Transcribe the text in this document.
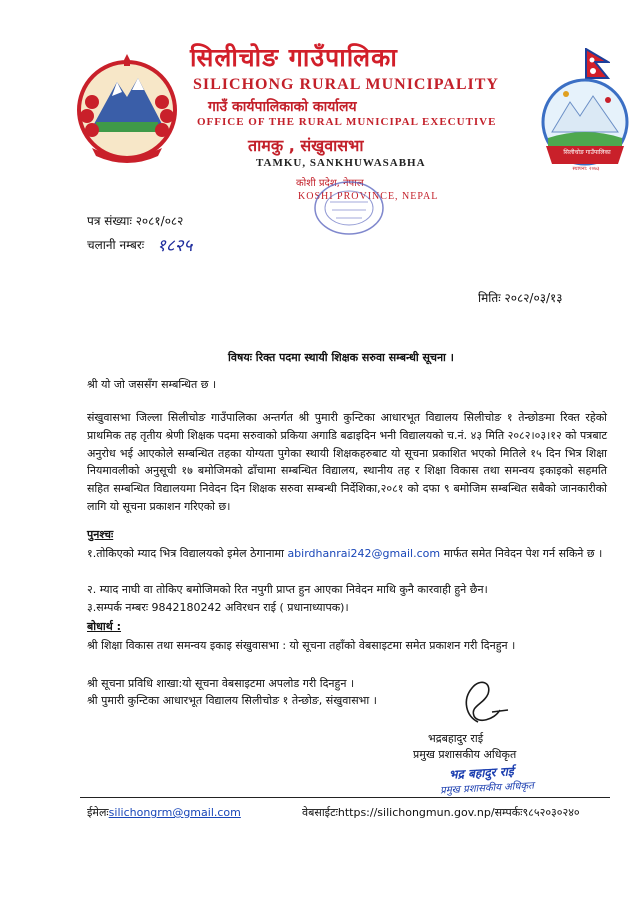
सिलीचोङ गाउँपालिका
स्थापना: २०७३
सिलीचोङ गाउँपालिका
SILICHONG RURAL MUNICIPALITY
गाउँ कार्यपालिकाको कार्यालय
OFFICE OF THE RURAL MUNICIPAL EXECUTIVE
तामकु , संखुवासभा
TAMKU, SANKHUWASABHA
कोशी प्रदेश, नेपाल
KOSHI PROVINCE, NEPAL
पत्र संख्याः २०८१/०८२
चलानी नम्बरः १८२५
मितिः २०८२/०३/१३
विषयः रिक्त पदमा स्थायी शिक्षक सरुवा सम्बन्धी सूचना ।
श्री यो जो जससँग सम्बन्धित छ ।
संखुवासभा जिल्ला सिलीचोङ गाउँपालिका अन्तर्गत श्री पुमारी कुन्टिका आधारभूत विद्यालय सिलीचोङ १ तेन्छोङमा रिक्त रहेको प्राथमिक तह तृतीय श्रेणी शिक्षक पदमा सरुवाको प्रकिया अगाडि बढाइदिन भनी विद्यालयको च.नं. ४३ मिति २०८२।०३।१२ को पत्रबाट अनुरोध भई आएकोले सम्बन्धित तहका योग्यता पुगेका स्थायी शिक्षकहरुबाट यो सूचना प्रकाशित भएको मितिले १५ दिन भित्र शिक्षा नियमावलीको अनुसूची १७ बमोजिमको ढाँचामा सम्बन्धित विद्यालय, स्थानीय तह र शिक्षा विकास तथा समन्वय इकाइको सहमति सहित सम्बन्धित विद्यालयमा निवेदन दिन शिक्षक सरुवा सम्बन्धी निर्देशिका,२०८१ को दफा ९ बमोजिम सम्बन्धित सबैको जानकारीको लागि यो सूचना प्रकाशन गरिएको छ।
पुनश्चः
१.तोकिएको म्याद भित्र विद्यालयको इमेल ठेगानामा abirdhanrai242@gmail.com मार्फत समेत निवेदन पेश गर्न सकिने छ ।
२. म्याद नाघी वा तोकिए बमोजिमको रित नपुगी प्राप्त हुन आएका निवेदन माथि कुनै कारवाही हुने छैन।
३.सम्पर्क नम्बरः 9842180242 अविरधन राई ( प्रधानाध्यापक)।
बोधार्थ :
श्री शिक्षा विकास तथा समन्वय इकाइ संखुवासभा : यो सूचना तहाँको वेबसाइटमा समेत प्रकाशन गरी दिनहुन ।
श्री सूचना प्रविधि शाखा:यो सूचना वेबसाइटमा अपलोड गरी दिनहुन ।
श्री पुमारी कुन्टिका आधारभूत विद्यालय सिलीचोङ १ तेन्छोङ, संखुवासभा ।
भद्रबहादुर राई
प्रमुख प्रशासकीय अधिकृत
भद्र बहादुर राई
प्रमुख प्रशासकीय अधिकृत
ईमेलःsilichongrm@gmail.com	वेबसाईटःhttps://silichongmun.gov.np/सम्पर्कः९८५२०३०२४०
